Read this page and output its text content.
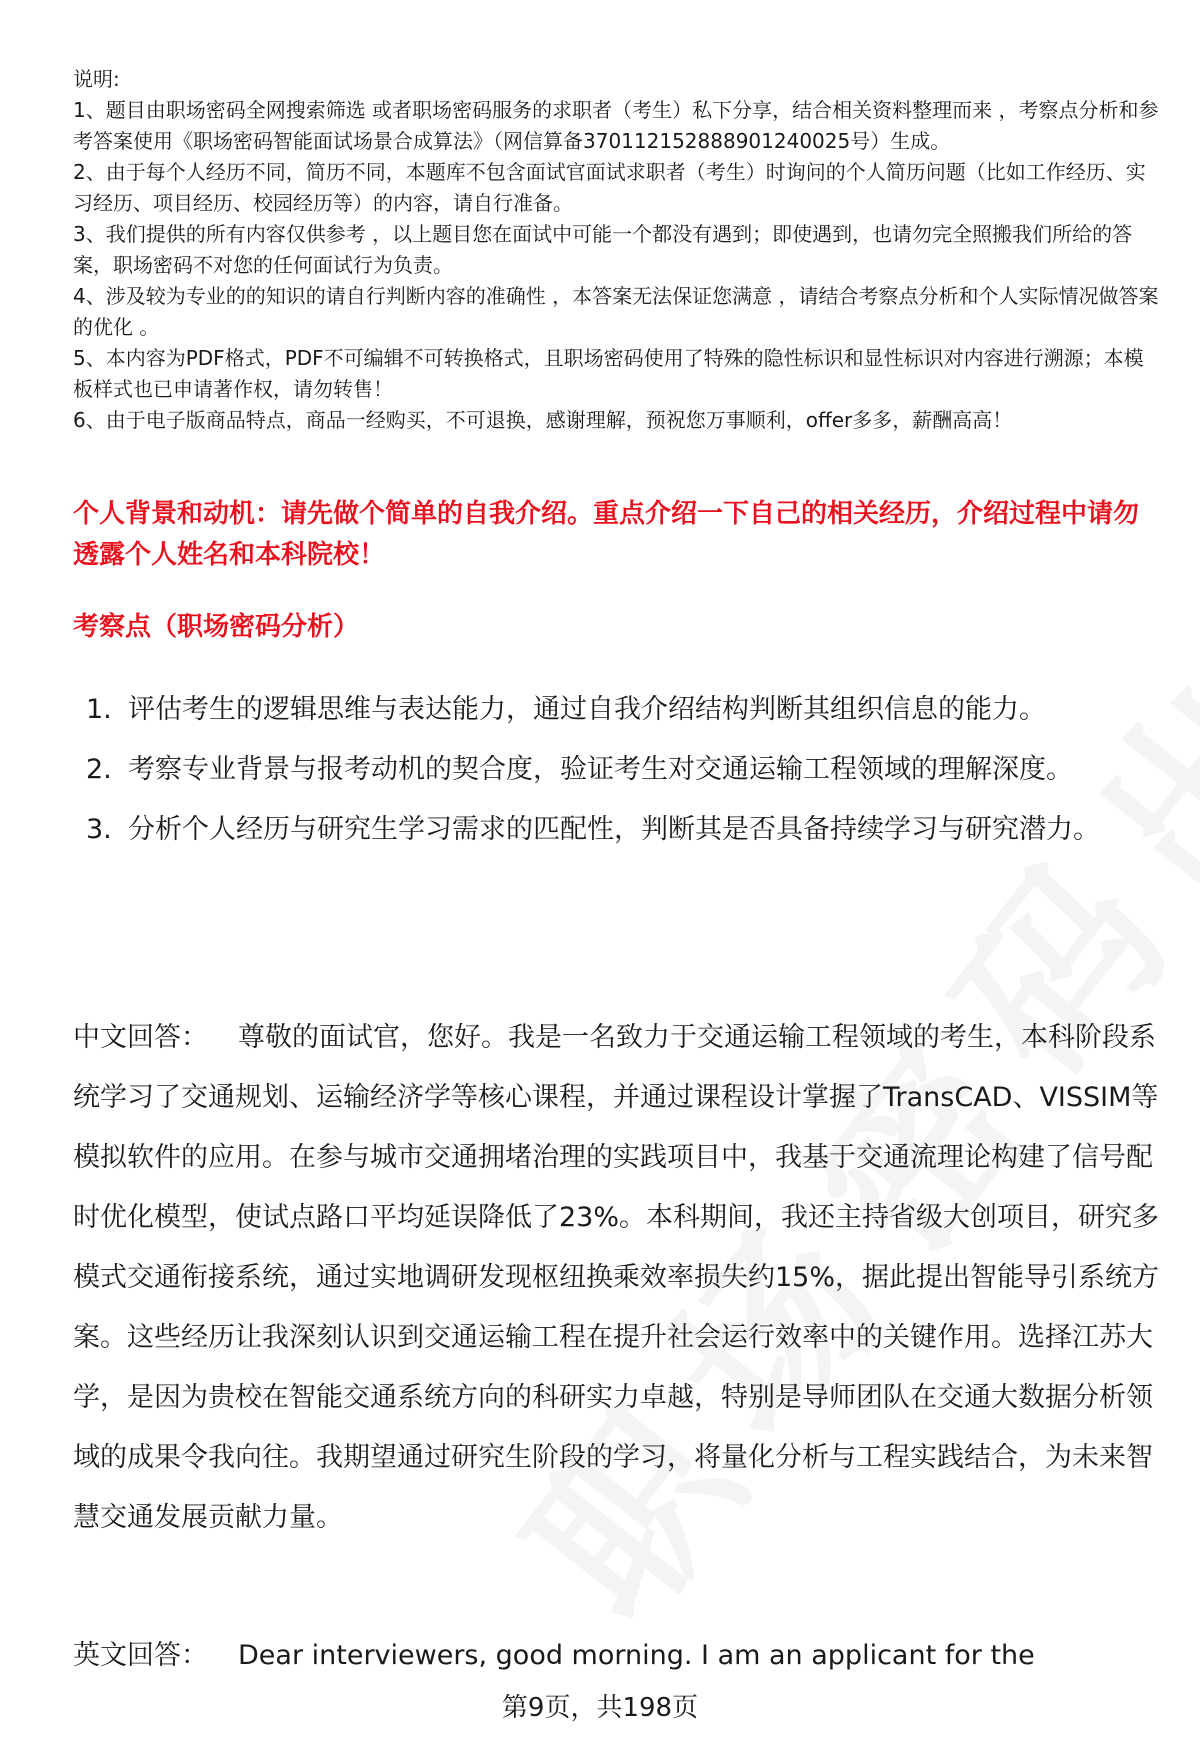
说明:

1、题目由职场密码全网搜索筛选 或者职场密码服务的求职者（考生）私下分享，结合相关资料整理而来 ，考察点分析和参考答案使用《职场密码智能面试场景合成算法》（网信算备370112152888901240025号）生成。

2、由于每个人经历不同，简历不同，本题库不包含面试官面试求职者（考生）时询问的个人简历问题（比如工作经历、实习经历、项目经历、校园经历等）的内容，请自行准备。

3、我们提供的所有内容仅供参考 ，以上题目您在面试中可能一个都没有遇到；即使遇到，也请勿完全照搬我们所给的答案，职场密码不对您的任何面试行为负责。

4、涉及较为专业的的知识的请自行判断内容的准确性 ，本答案无法保证您满意 ，请结合考察点分析和个人实际情况做答案的优化 。

5、本内容为PDF格式，PDF不可编辑不可转换格式，且职场密码使用了特殊的隐性标识和显性标识对内容进行溯源；本模板样式也已申请著作权，请勿转售！

6、由于电子版商品特点，商品一经购买，不可退换，感谢理解，预祝您万事顺利，offer多多，薪酬高高！

个人背景和动机：请先做个简单的自我介绍。重点介绍一下自己的相关经历，介绍过程中请勿透露个人姓名和本科院校！

考察点（职场密码分析）

1. 评估考生的逻辑思维与表达能力，通过自我介绍结构判断其组织信息的能力。
2. 考察专业背景与报考动机的契合度，验证考生对交通运输工程领域的理解深度。
3. 分析个人经历与研究生学习需求的匹配性，判断其是否具备持续学习与研究潜力。

中文回答： 尊敬的面试官，您好。我是一名致力于交通运输工程领域的考生，本科阶段系统学习了交通规划、运输经济学等核心课程，并通过课程设计掌握了TransCAD、VISSIM等模拟软件的应用。在参与城市交通拥堵治理的实践项目中，我基于交通流理论构建了信号配时优化模型，使试点路口平均延误降低了23%。本科期间，我还主持省级大创项目，研究多模式交通衔接系统，通过实地调研发现枢纽换乘效率损失约15%，据此提出智能导引系统方案。这些经历让我深刻认识到交通运输工程在提升社会运行效率中的关键作用。选择江苏大学，是因为贵校在智能交通系统方向的科研实力卓越，特别是导师团队在交通大数据分析领域的成果令我向往。我期望通过研究生阶段的学习，将量化分析与工程实践结合，为未来智慧交通发展贡献力量。

英文回答： Dear interviewers, good morning. I am an applicant for the

第9页，共198页
